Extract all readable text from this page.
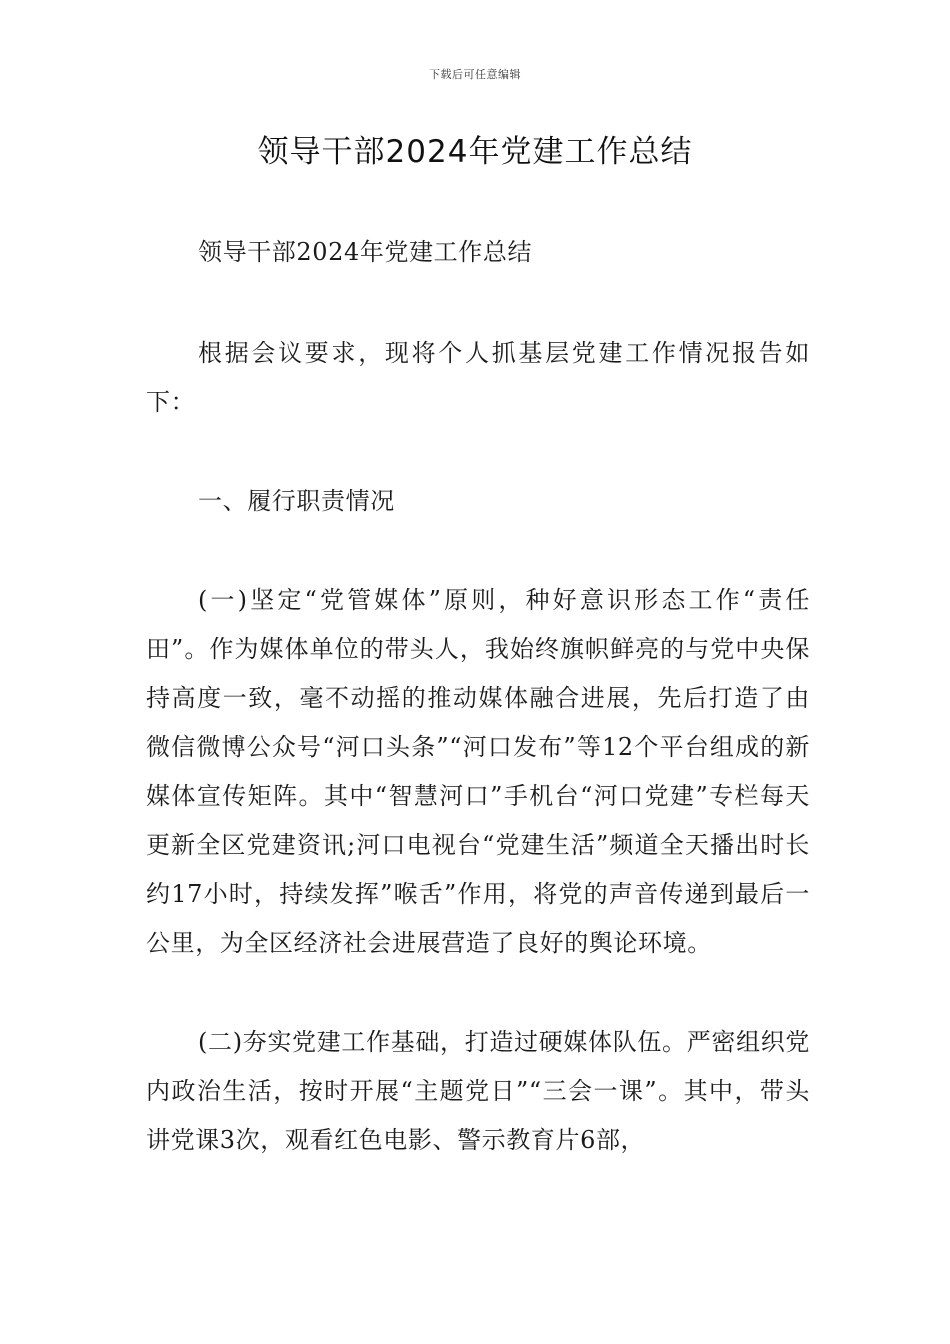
下载后可任意编辑
领导干部2024年党建工作总结

领导干部2024年党建工作总结

根据会议要求，现将个人抓基层党建工作情况报告如下：

一、履行职责情况

(一)坚定“党管媒体”原则，种好意识形态工作“责任田”。作为媒体单位的带头人，我始终旗帜鲜亮的与党中央保持高度一致，毫不动摇的推动媒体融合进展，先后打造了由微信微博公众号“河口头条”“河口发布”等12个平台组成的新媒体宣传矩阵。其中“智慧河口”手机台“河口党建”专栏每天更新全区党建资讯;河口电视台“党建生活”频道全天播出时长约17小时，持续发挥”喉舌”作用，将党的声音传递到最后一公里，为全区经济社会进展营造了良好的舆论环境。

(二)夯实党建工作基础，打造过硬媒体队伍。严密组织党内政治生活，按时开展“主题党日”“三会一课”。其中，带头讲党课3次，观看红色电影、警示教育片6部，
